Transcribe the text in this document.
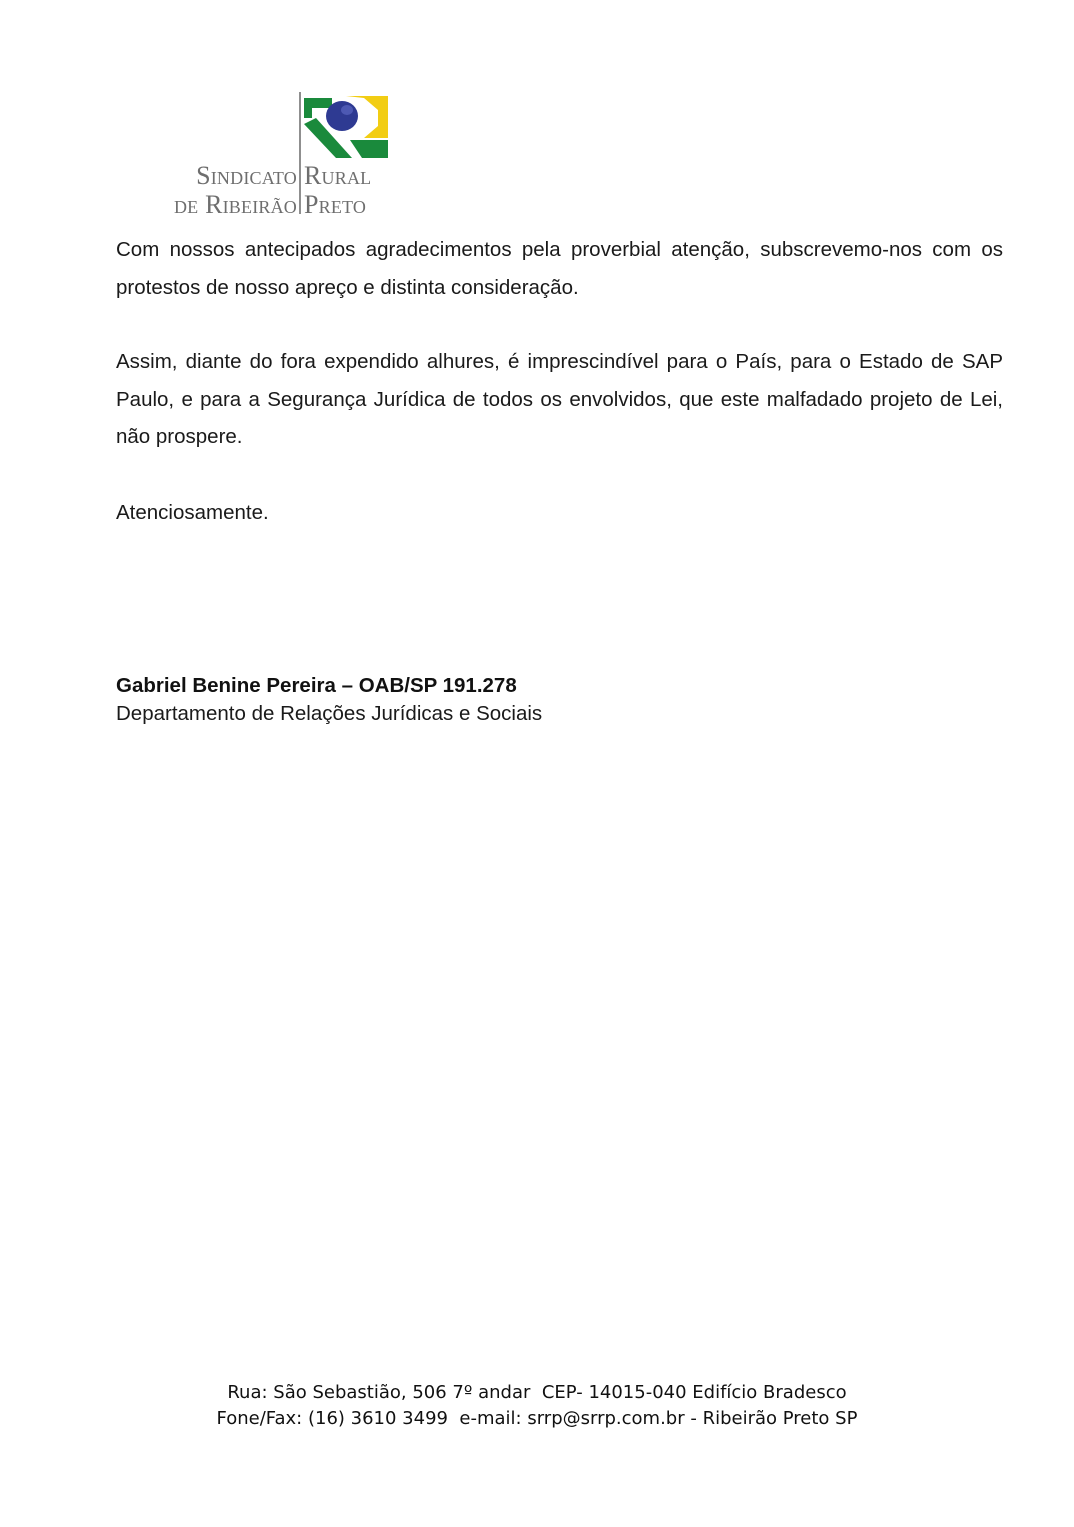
Sindicato Rural
de Ribeirão Preto

Com nossos antecipados agradecimentos pela proverbial atenção, subscrevemo-nos com os protestos de nosso apreço e distinta consideração.

Assim, diante do fora expendido alhures, é imprescindível para o País, para o Estado de SAP Paulo, e para a Segurança Jurídica de todos os envolvidos, que este malfadado projeto de Lei, não prospere.

Atenciosamente.

Gabriel Benine Pereira – OAB/SP 191.278
Departamento de Relações Jurídicas e Sociais
Rua: São Sebastião, 506 7º andar  CEP- 14015-040 Edifício Bradesco
Fone/Fax: (16) 3610 3499  e-mail: srrp@srrp.com.br - Ribeirão Preto SP
